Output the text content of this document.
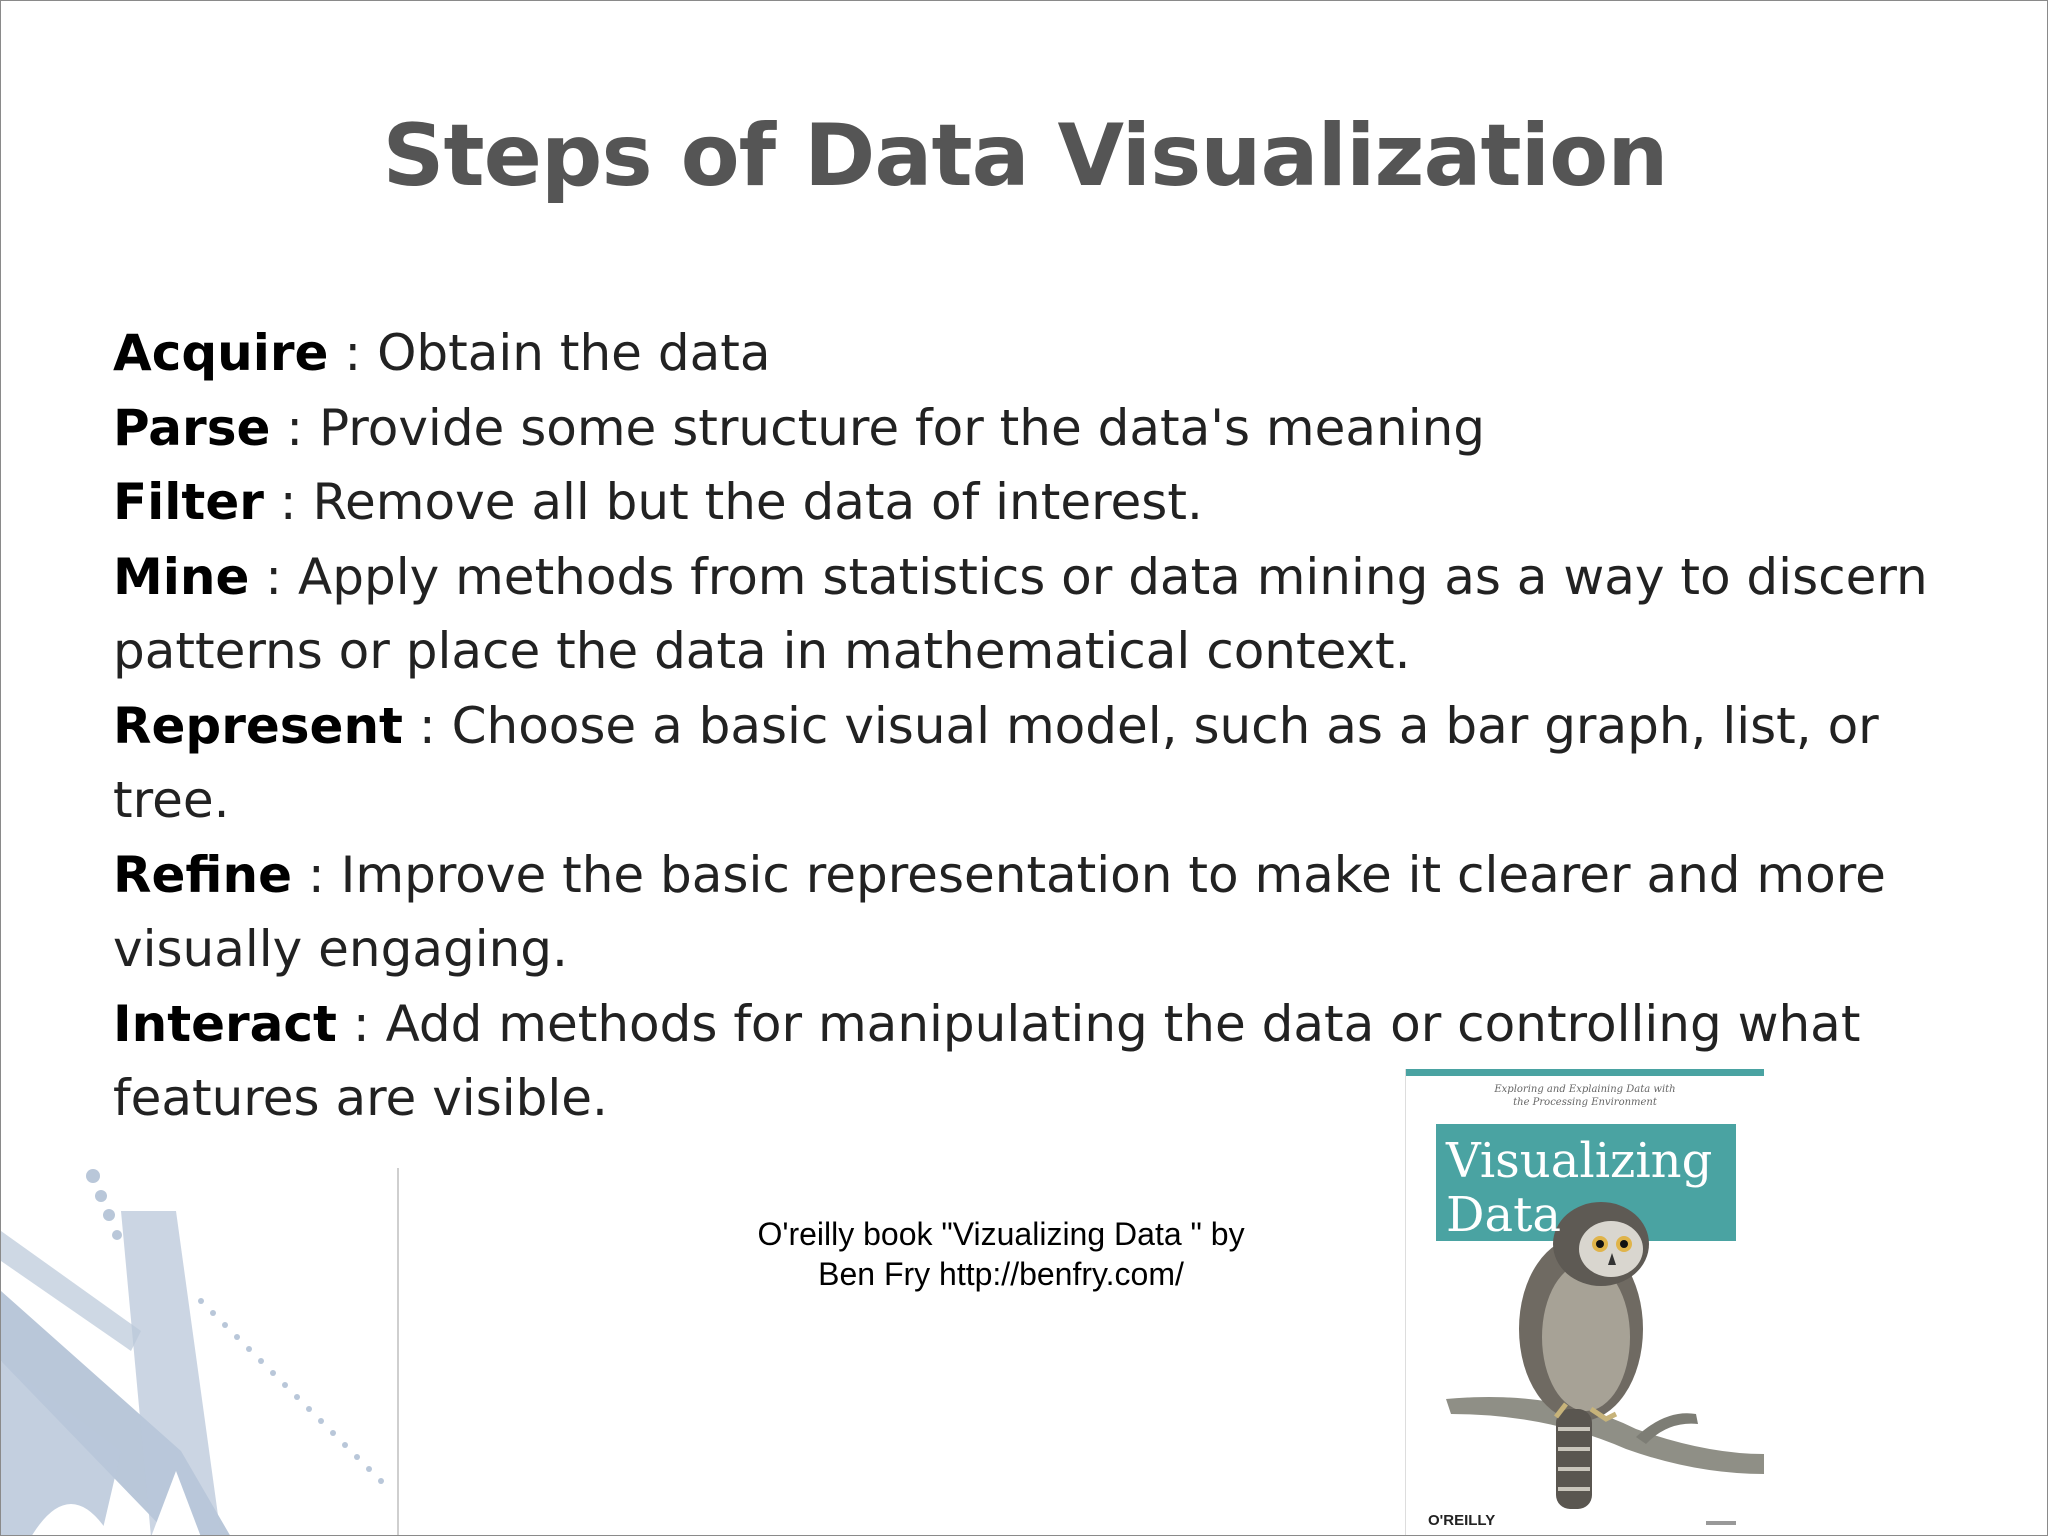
Steps of Data Visualization

Acquire : Obtain the data

Parse : Provide some structure for the data's meaning

Filter : Remove all but the data of interest.

Mine : Apply methods from statistics or data mining as a way to discern patterns or place the data in mathematical context.

Represent : Choose a basic visual model, such as a bar graph, list, or tree.

Refine : Improve the basic representation to make it clearer and more visually engaging.

Interact : Add methods for manipulating the data or controlling what features are visible.

O'reilly book "Vizualizing Data " by
Ben Fry http://benfry.com/
Exploring and Explaining Data with
the Processing Environment
Visualizing Data
O'REILLY
